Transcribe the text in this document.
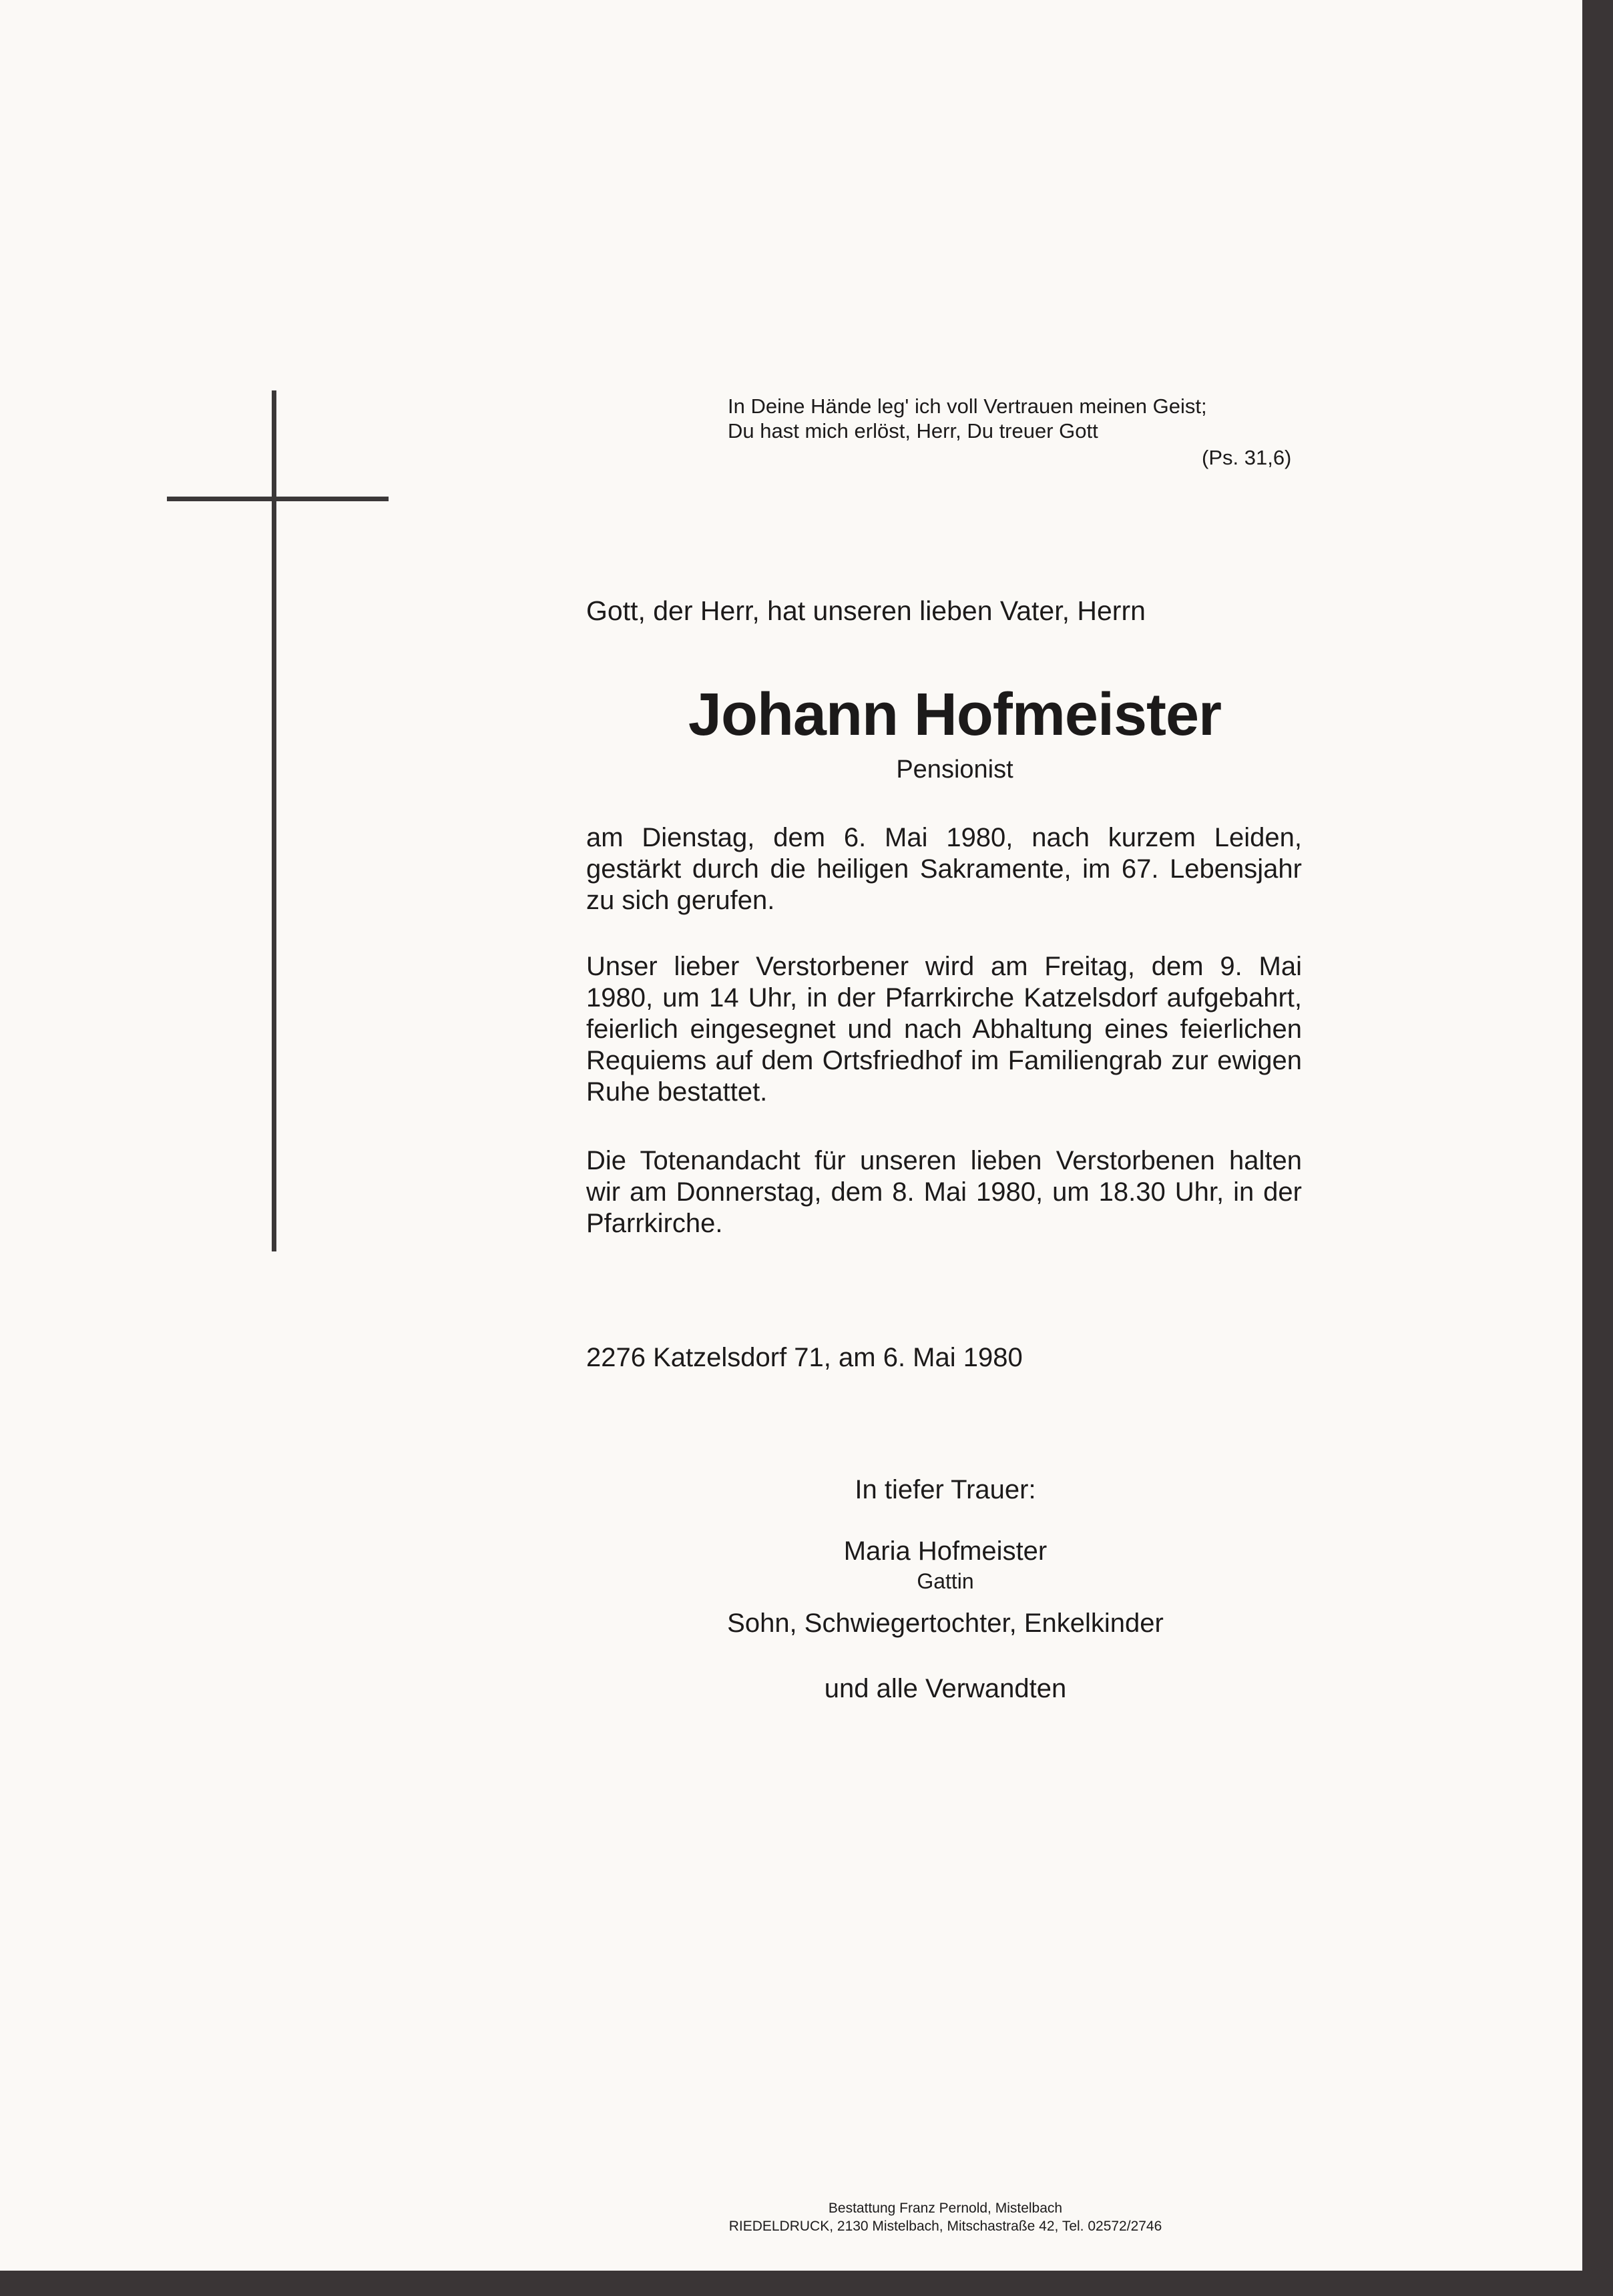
In Deine Hände leg' ich voll Vertrauen meinen Geist;
Du hast mich erlöst, Herr, Du treuer Gott
(Ps. 31,6)
Gott, der Herr, hat unseren lieben Vater, Herrn
Johann Hofmeister
Pensionist

am Dienstag, dem 6. Mai 1980, nach kurzem Leiden, gestärkt durch die heiligen Sakramente, im 67. Lebensjahr zu sich gerufen.

Unser lieber Verstorbener wird am Freitag, dem 9. Mai 1980, um 14 Uhr, in der Pfarrkirche Katzelsdorf aufgebahrt, feierlich eingesegnet und nach Abhaltung eines feierlichen Requiems auf dem Ortsfriedhof im Familiengrab zur ewigen Ruhe bestattet.

Die Totenandacht für unseren lieben Verstorbenen halten wir am Donnerstag, dem 8. Mai 1980, um 18.30 Uhr, in der Pfarrkirche.

2276 Katzelsdorf 71, am 6. Mai 1980
In tiefer Trauer:
Maria Hofmeister
Gattin
Sohn, Schwiegertochter, Enkelkinder
und alle Verwandten
Bestattung Franz Pernold, Mistelbach
RIEDELDRUCK, 2130 Mistelbach, Mitschastraße 42, Tel. 02572/2746
